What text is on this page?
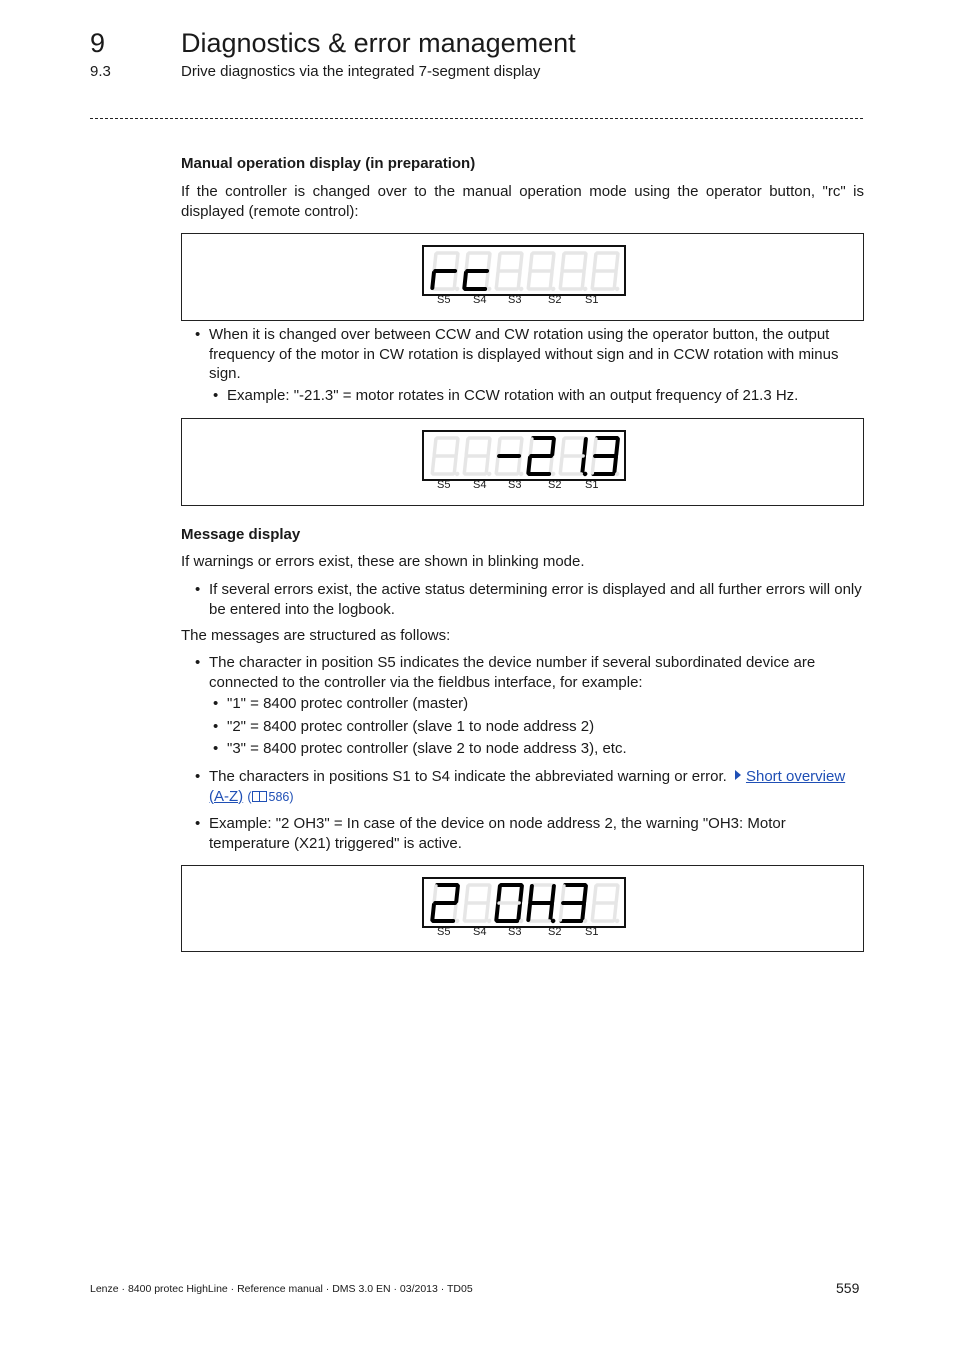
9	Diagnostics & error management
9.3	Drive diagnostics via the integrated 7-segment display
Manual operation display (in preparation)
If the controller is changed over to the manual operation mode using the operator button, "rc" is displayed (remote control):
S5 S4 S3 S2 S1
• When it is changed over between CCW and CW rotation using the operator button, the output frequency of the motor in CW rotation is displayed without sign and in CCW rotation with minus sign.
• Example: "-21.3" = motor rotates in CCW rotation with an output frequency of 21.3 Hz.
S5 S4 S3 S2 S1
Message display
If warnings or errors exist, these are shown in blinking mode.
• If several errors exist, the active status determining error is displayed and all further errors will only be entered into the logbook.
The messages are structured as follows:
• The character in position S5 indicates the device number if several subordinated device are connected to the controller via the fieldbus interface, for example:
• "1" = 8400 protec controller (master)
• "2" = 8400 protec controller (slave 1 to node address 2)
• "3" = 8400 protec controller (slave 2 to node address 3), etc.
• The characters in positions S1 to S4 indicate the abbreviated warning or error. Short overview (A-Z) ( 586)
• Example: "2 OH3" = In case of the device on node address 2, the warning "OH3: Motor temperature (X21) triggered" is active.
S5 S4 S3 S2 S1
Lenze · 8400 protec HighLine · Reference manual · DMS 3.0 EN · 03/2013 · TD05	559
